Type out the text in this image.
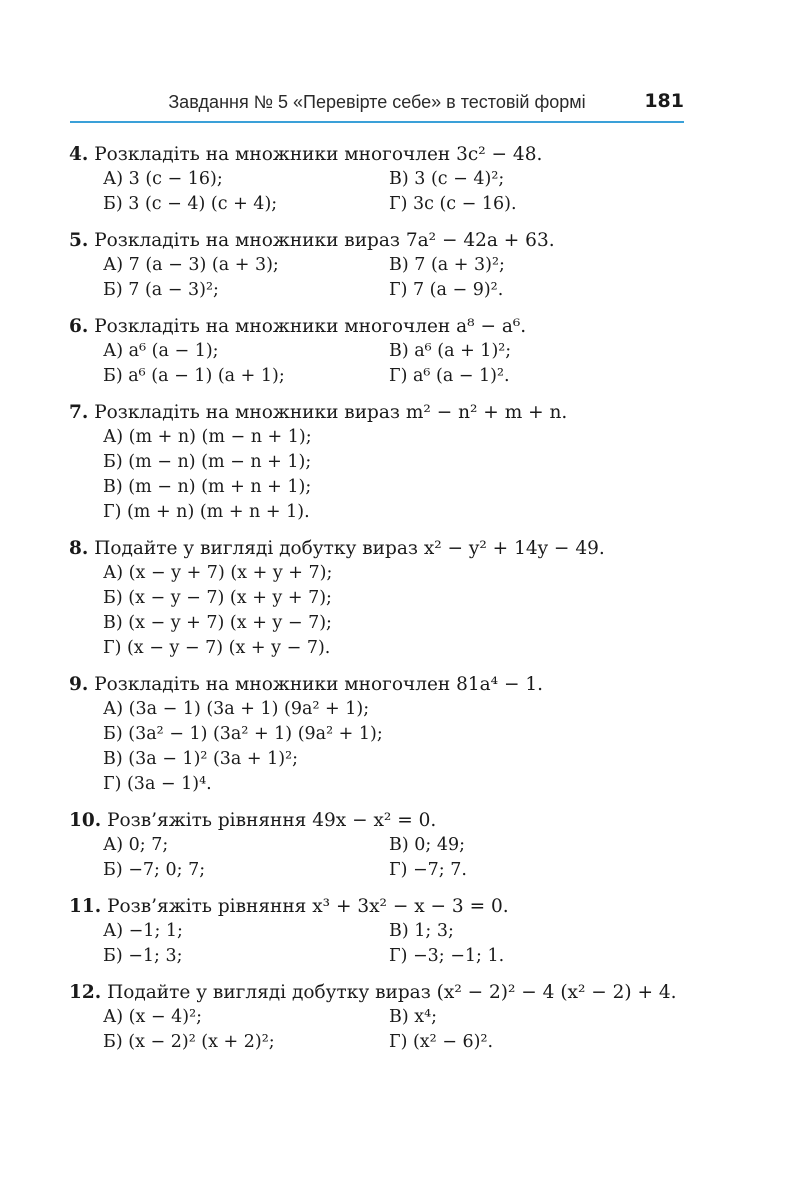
Завдання № 5 «Перевірте себе» в тестовій формі	181
4. Розкладіть на множники многочлен 3c² − 48.
А) 3 (c − 16);	В) 3 (c − 4)²;
Б) 3 (c − 4) (c + 4);	Г) 3c (c − 16).
5. Розкладіть на множники вираз 7a² − 42a + 63.
А) 7 (a − 3) (a + 3);	В) 7 (a + 3)²;
Б) 7 (a − 3)²;	Г) 7 (a − 9)².
6. Розкладіть на множники многочлен a⁸ − a⁶.
А) a⁶ (a − 1);	В) a⁶ (a + 1)²;
Б) a⁶ (a − 1) (a + 1);	Г) a⁶ (a − 1)².
7. Розкладіть на множники вираз m² − n² + m + n.
А) (m + n) (m − n + 1);
Б) (m − n) (m − n + 1);
В) (m − n) (m + n + 1);
Г) (m + n) (m + n + 1).
8. Подайте у вигляді добутку вираз x² − y² + 14y − 49.
А) (x − y + 7) (x + y + 7);
Б) (x − y − 7) (x + y + 7);
В) (x − y + 7) (x + y − 7);
Г) (x − y − 7) (x + y − 7).
9. Розкладіть на множники многочлен 81a⁴ − 1.
А) (3a − 1) (3a + 1) (9a² + 1);
Б) (3a² − 1) (3a² + 1) (9a² + 1);
В) (3a − 1)² (3a + 1)²;
Г) (3a − 1)⁴.
10. Розв’яжіть рівняння 49x − x² = 0.
А) 0; 7;	В) 0; 49;
Б) −7; 0; 7;	Г) −7; 7.
11. Розв’яжіть рівняння x³ + 3x² − x − 3 = 0.
А) −1; 1;	В) 1; 3;
Б) −1; 3;	Г) −3; −1; 1.
12. Подайте у вигляді добутку вираз (x² − 2)² − 4 (x² − 2) + 4.
А) (x − 4)²;	В) x⁴;
Б) (x − 2)² (x + 2)²;	Г) (x² − 6)².
